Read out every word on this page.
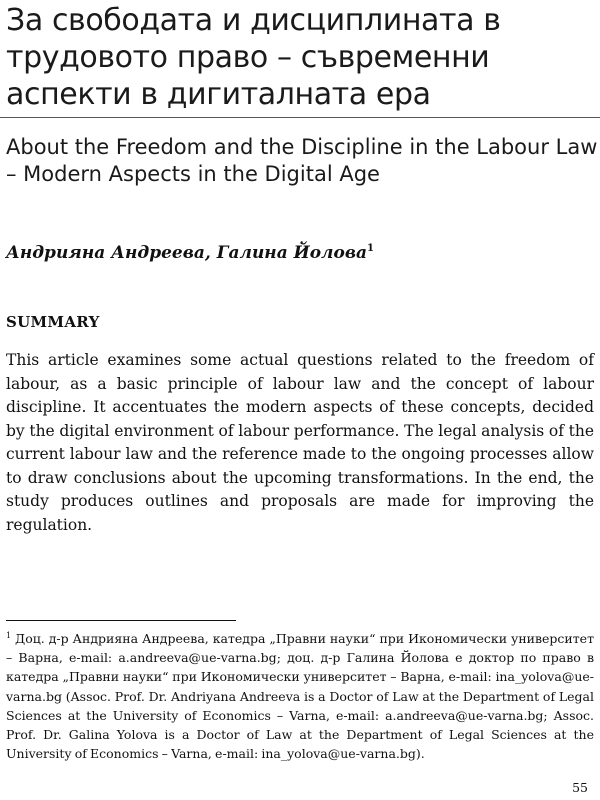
За свободата и дисциплината в трудовото право – съвременни аспекти в дигиталната ера
About the Freedom and the Discipline in the Labour Law – Modern Aspects in the Digital Age

Андрияна Андреева, Галина Йолова$^1$

SUMMARY

This article examines some actual questions related to the freedom of labour, as a basic principle of labour law and the concept of labour discipline. It accentuates the modern aspects of these concepts, decided by the digital environment of labour performance. The legal analysis of the current labour law and the reference made to the ongoing processes allow to draw conclusions about the upcoming transformations. In the end, the study produces outlines and proposals are made for improving the regulation.

$^1$ Доц. д-р Андрияна Андреева, катедра „Правни науки“ при Икономически университет – Варна, e-mail: a.andreeva@ue-varna.bg; доц. д-р Галина Йолова е доктор по право в катедра „Правни науки“ при Икономически университет – Варна, e-mail: ina_yolova@ue-varna.bg (Assoc. Prof. Dr. Andriyana Andreeva is a Doctor of Law at the Department of Legal Sciences at the University of Economics – Varna, e-mail: a.andreeva@ue-varna.bg; Assoc. Prof. Dr. Galina Yolova is a Doctor of Law at the Department of Legal Sciences at the University of Economics – Varna, e-mail: ina_yolova@ue-varna.bg).

55
